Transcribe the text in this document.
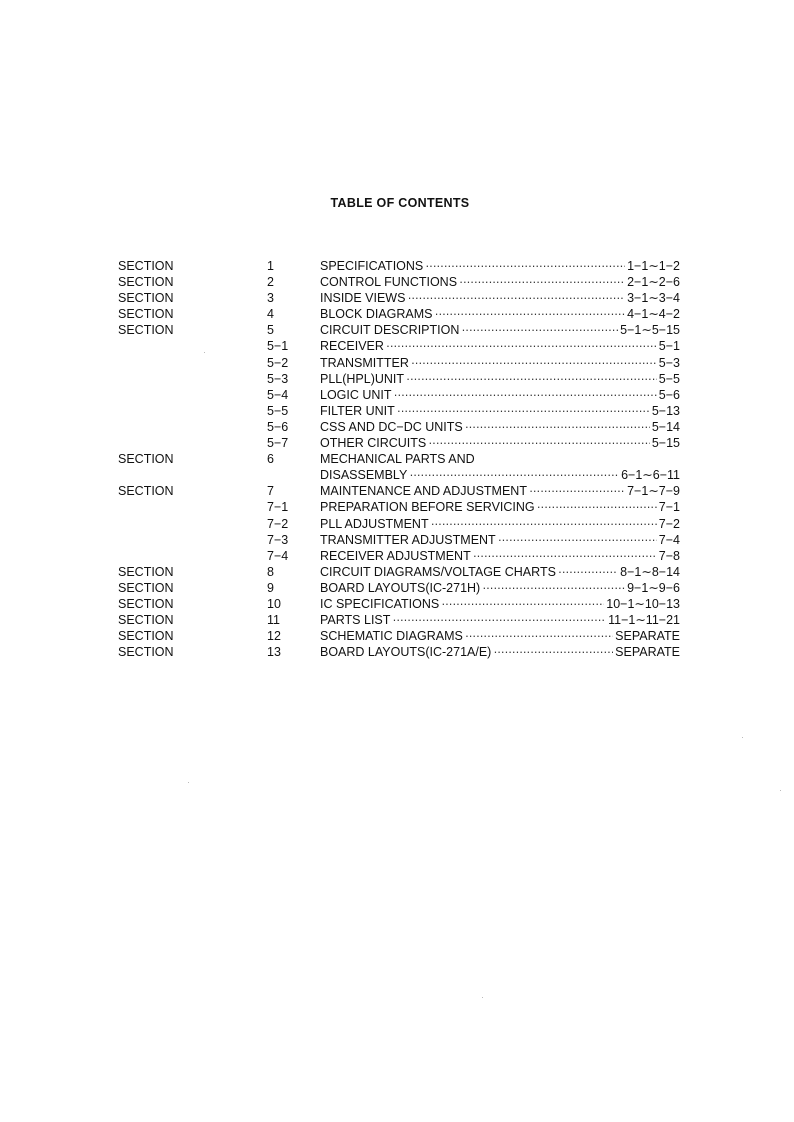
TABLE OF CONTENTS
SECTION	1	SPECIFICATIONS ·····	1−1∼1−2
SECTION	2	CONTROL FUNCTIONS ·····	2−1∼2−6
SECTION	3	INSIDE VIEWS ·····	3−1∼3−4
SECTION	4	BLOCK DIAGRAMS ·····	4−1∼4−2
SECTION	5	CIRCUIT DESCRIPTION ·····	5−1∼5−15
5−1	RECEIVER ·····	5−1
5−2	TRANSMITTER ·····	5−3
5−3	PLL(HPL)UNIT ·····	5−5
5−4	LOGIC UNIT ·····	5−6
5−5	FILTER UNIT ·····	5−13
5−6	CSS AND DC−DC UNITS ·····	5−14
5−7	OTHER CIRCUITS ·····	5−15
SECTION	6	MECHANICAL PARTS AND
DISASSEMBLY ·····	6−1∼6−11
SECTION	7	MAINTENANCE AND ADJUSTMENT ·····	7−1∼7−9
7−1	PREPARATION BEFORE SERVICING ·····	7−1
7−2	PLL ADJUSTMENT ·····	7−2
7−3	TRANSMITTER ADJUSTMENT ·····	7−4
7−4	RECEIVER ADJUSTMENT ·····	7−8
SECTION	8	CIRCUIT DIAGRAMS/VOLTAGE CHARTS ·····	8−1∼8−14
SECTION	9	BOARD LAYOUTS(IC-271H) ·····	9−1∼9−6
SECTION	10	IC SPECIFICATIONS ·····	10−1∼10−13
SECTION	11	PARTS LIST ·····	11−1∼11−21
SECTION	12	SCHEMATIC DIAGRAMS ·····	SEPARATE
SECTION	13	BOARD LAYOUTS(IC-271A/E) ·····	SEPARATE
